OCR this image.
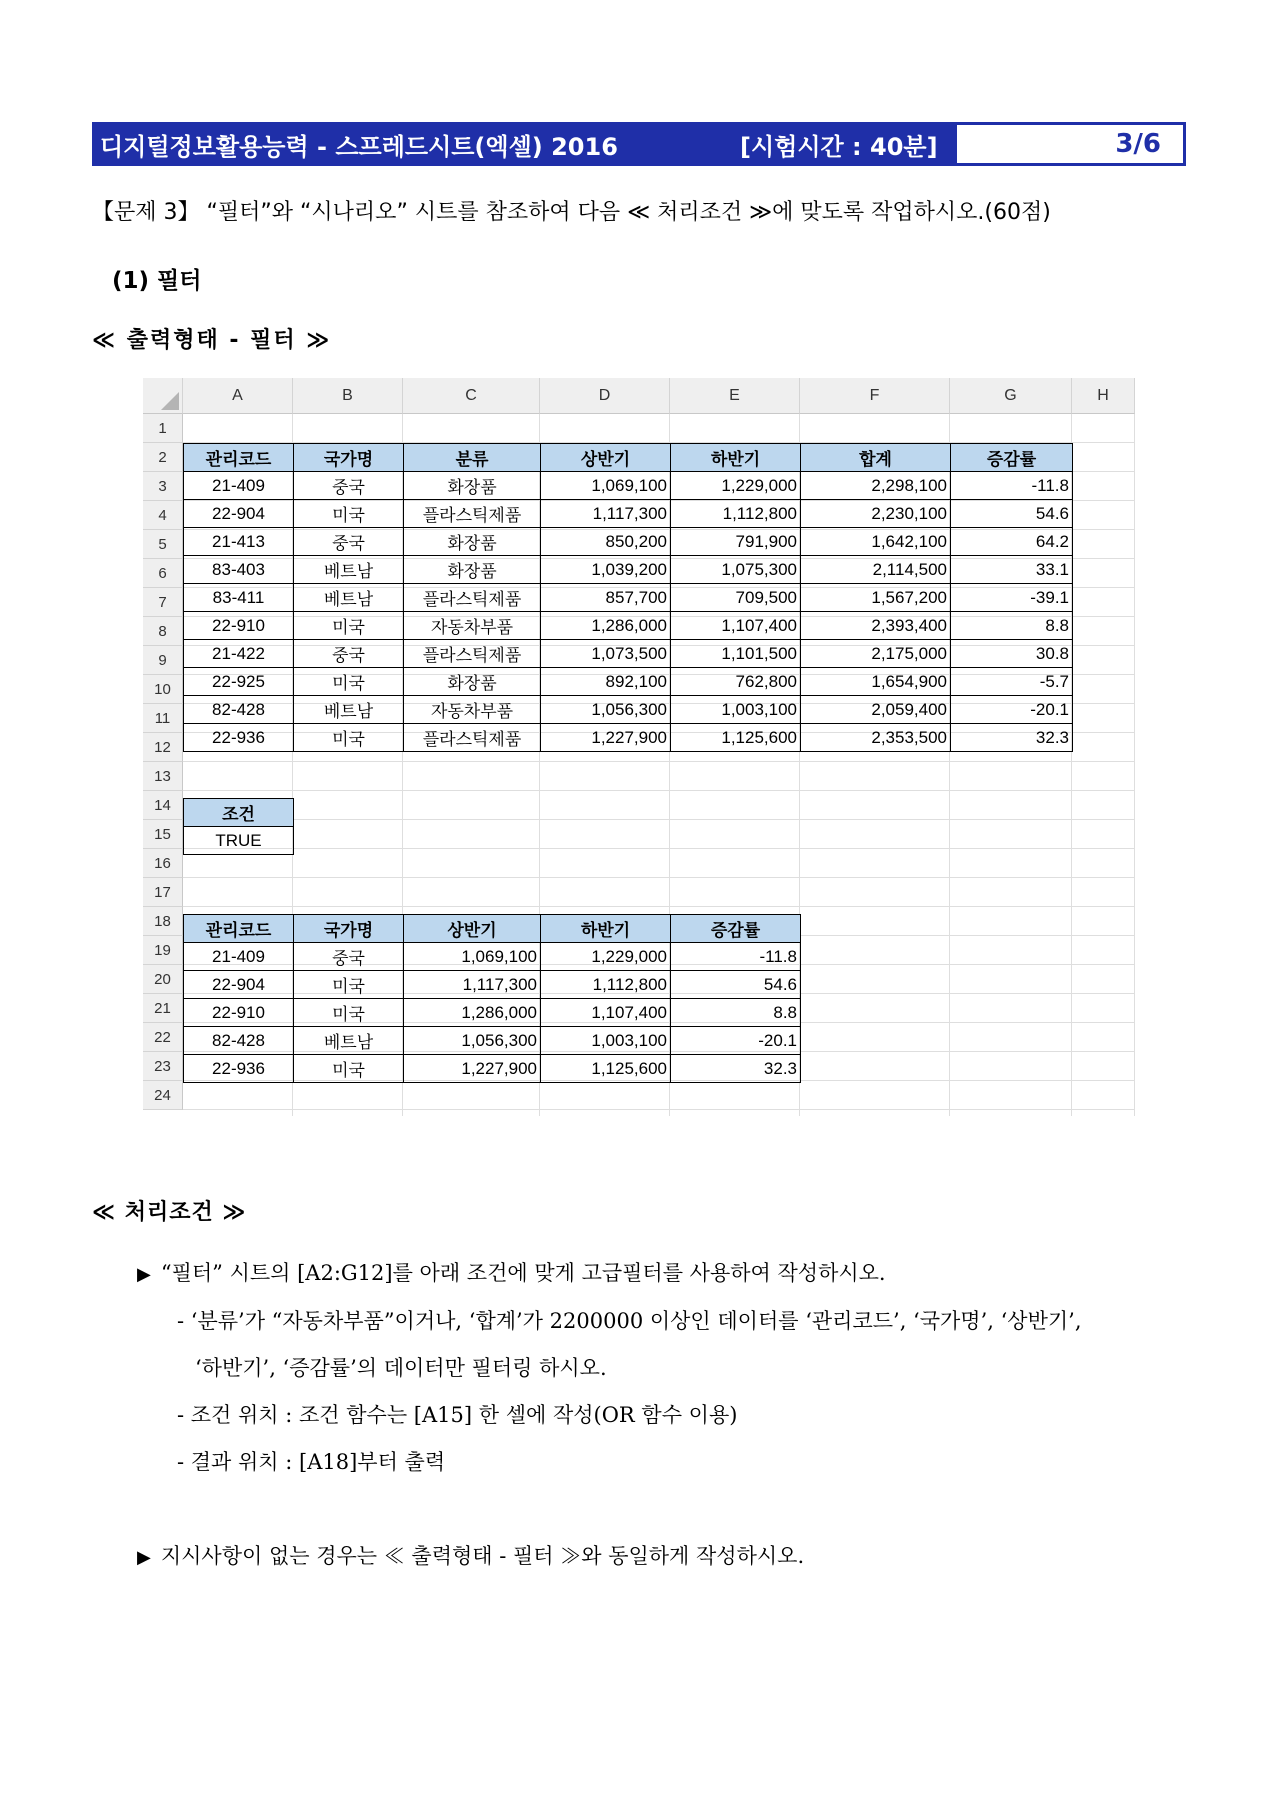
디지털정보활용능력 - 스프레드시트(엑셀) 2016	[시험시간 : 40분]	3/6
【문제 3】 “필터”와 “시나리오” 시트를 참조하여 다음 ≪ 처리조건 ≫에 맞도록 작업하시오.(60점)
(1) 필터
≪ 출력형태 - 필터 ≫
A	B	C	D	E	F	G	H
1
2
3
4
5
6
7
8
9
10
11
12
13
14
15
16
17
18
19
20
21
22
23
24
관리코드	국가명	분류	상반기	하반기	합계	증감률
21-409	중국	화장품	1,069,100	1,229,000	2,298,100	-11.8
22-904	미국	플라스틱제품	1,117,300	1,112,800	2,230,100	54.6
21-413	중국	화장품	850,200	791,900	1,642,100	64.2
83-403	베트남	화장품	1,039,200	1,075,300	2,114,500	33.1
83-411	베트남	플라스틱제품	857,700	709,500	1,567,200	-39.1
22-910	미국	자동차부품	1,286,000	1,107,400	2,393,400	8.8
21-422	중국	플라스틱제품	1,073,500	1,101,500	2,175,000	30.8
22-925	미국	화장품	892,100	762,800	1,654,900	-5.7
82-428	베트남	자동차부품	1,056,300	1,003,100	2,059,400	-20.1
22-936	미국	플라스틱제품	1,227,900	1,125,600	2,353,500	32.3
조건
TRUE
관리코드	국가명	상반기	하반기	증감률
21-409	중국	1,069,100	1,229,000	-11.8
22-904	미국	1,117,300	1,112,800	54.6
22-910	미국	1,286,000	1,107,400	8.8
82-428	베트남	1,056,300	1,003,100	-20.1
22-936	미국	1,227,900	1,125,600	32.3
≪ 처리조건 ≫
▶ “필터” 시트의 [A2:G12]를 아래 조건에 맞게 고급필터를 사용하여 작성하시오.
- ‘분류’가 “자동차부품”이거나, ‘합계’가 2200000 이상인 데이터를 ‘관리코드’, ‘국가명’, ‘상반기’,
‘하반기’, ‘증감률’의 데이터만 필터링 하시오.
- 조건 위치 : 조건 함수는 [A15] 한 셀에 작성(OR 함수 이용)
- 결과 위치 : [A18]부터 출력
▶ 지시사항이 없는 경우는 ≪ 출력형태 - 필터 ≫와 동일하게 작성하시오.
